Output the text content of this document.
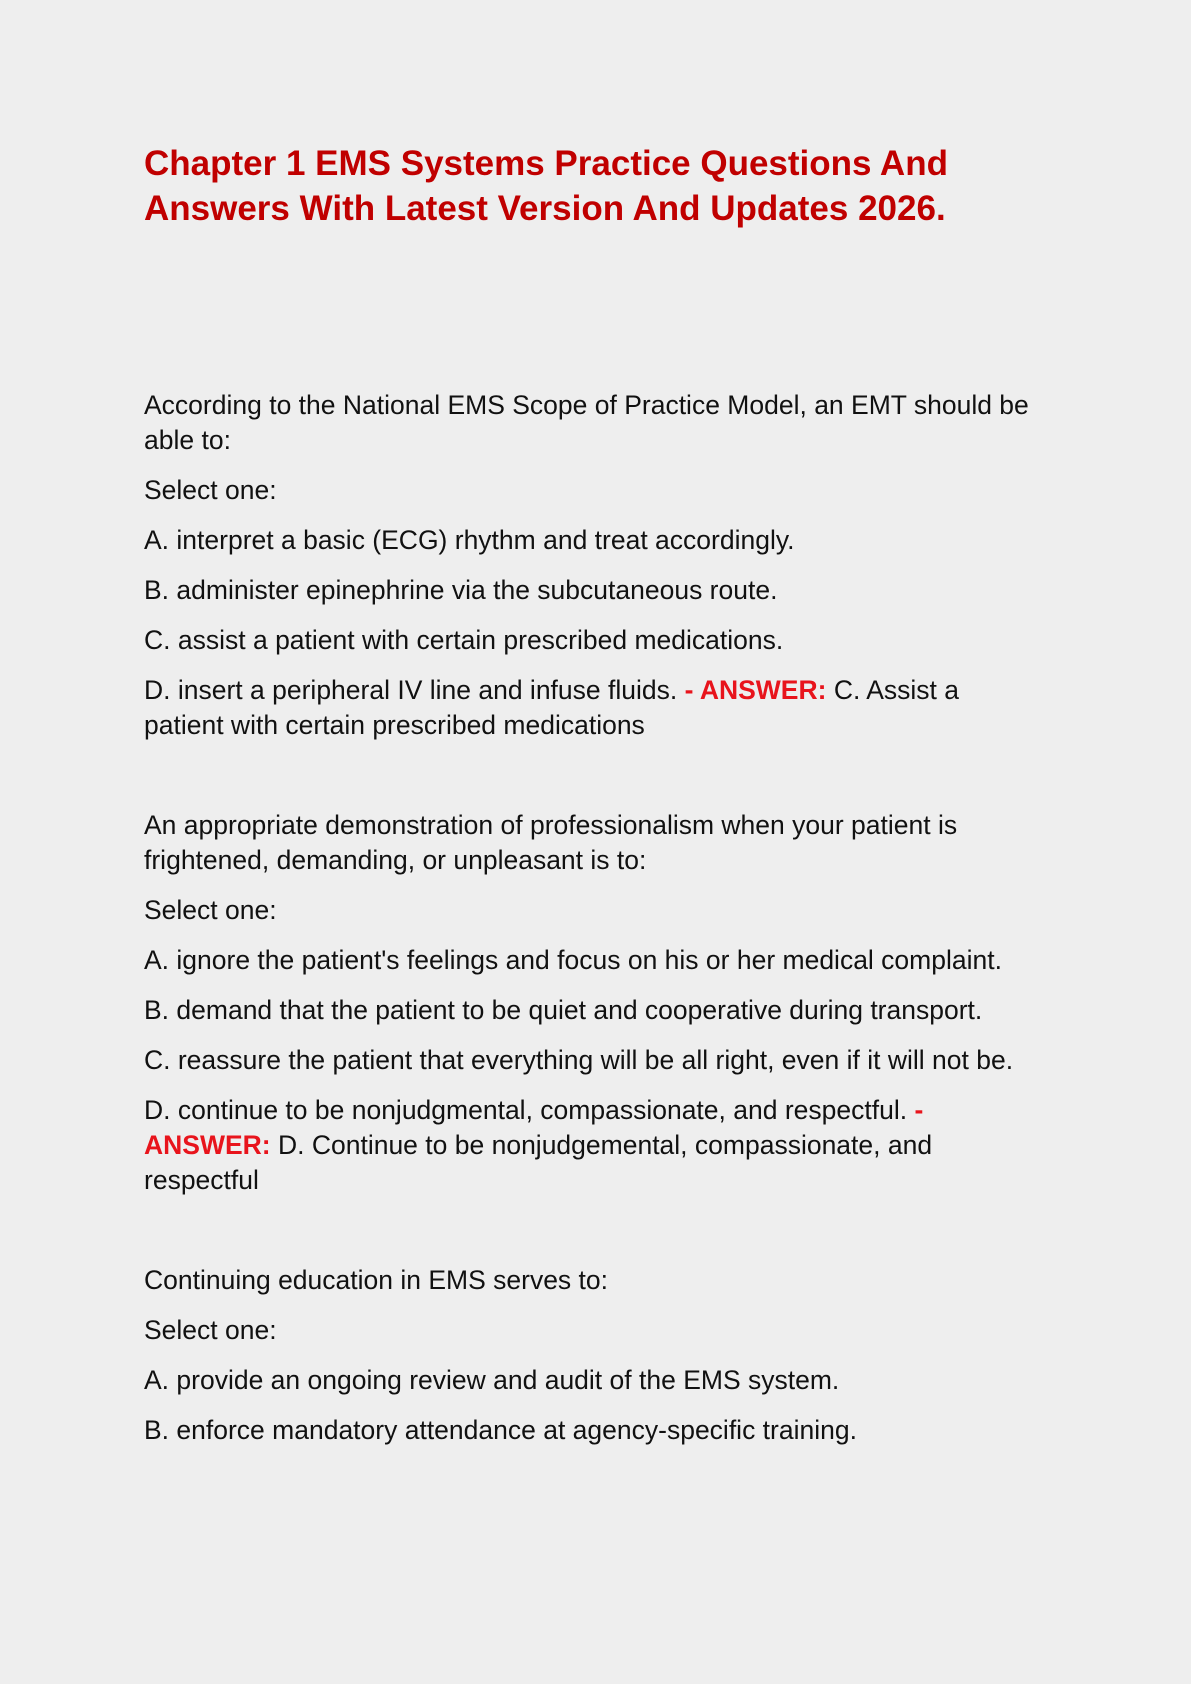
Chapter 1 EMS Systems Practice Questions And
Answers With Latest Version And Updates 2026.

According to the National EMS Scope of Practice Model, an EMT should be able to:

Select one:

A. interpret a basic (ECG) rhythm and treat accordingly.

B. administer epinephrine via the subcutaneous route.

C. assist a patient with certain prescribed medications.

D. insert a peripheral IV line and infuse fluids. - ANSWER: C. Assist a patient with certain prescribed medications

An appropriate demonstration of professionalism when your patient is frightened, demanding, or unpleasant is to:

Select one:

A. ignore the patient's feelings and focus on his or her medical complaint.

B. demand that the patient to be quiet and cooperative during transport.

C. reassure the patient that everything will be all right, even if it will not be.

D. continue to be nonjudgmental, compassionate, and respectful. - ANSWER: D. Continue to be nonjudgemental, compassionate, and respectful

Continuing education in EMS serves to:

Select one:

A. provide an ongoing review and audit of the EMS system.

B. enforce mandatory attendance at agency-specific training.
